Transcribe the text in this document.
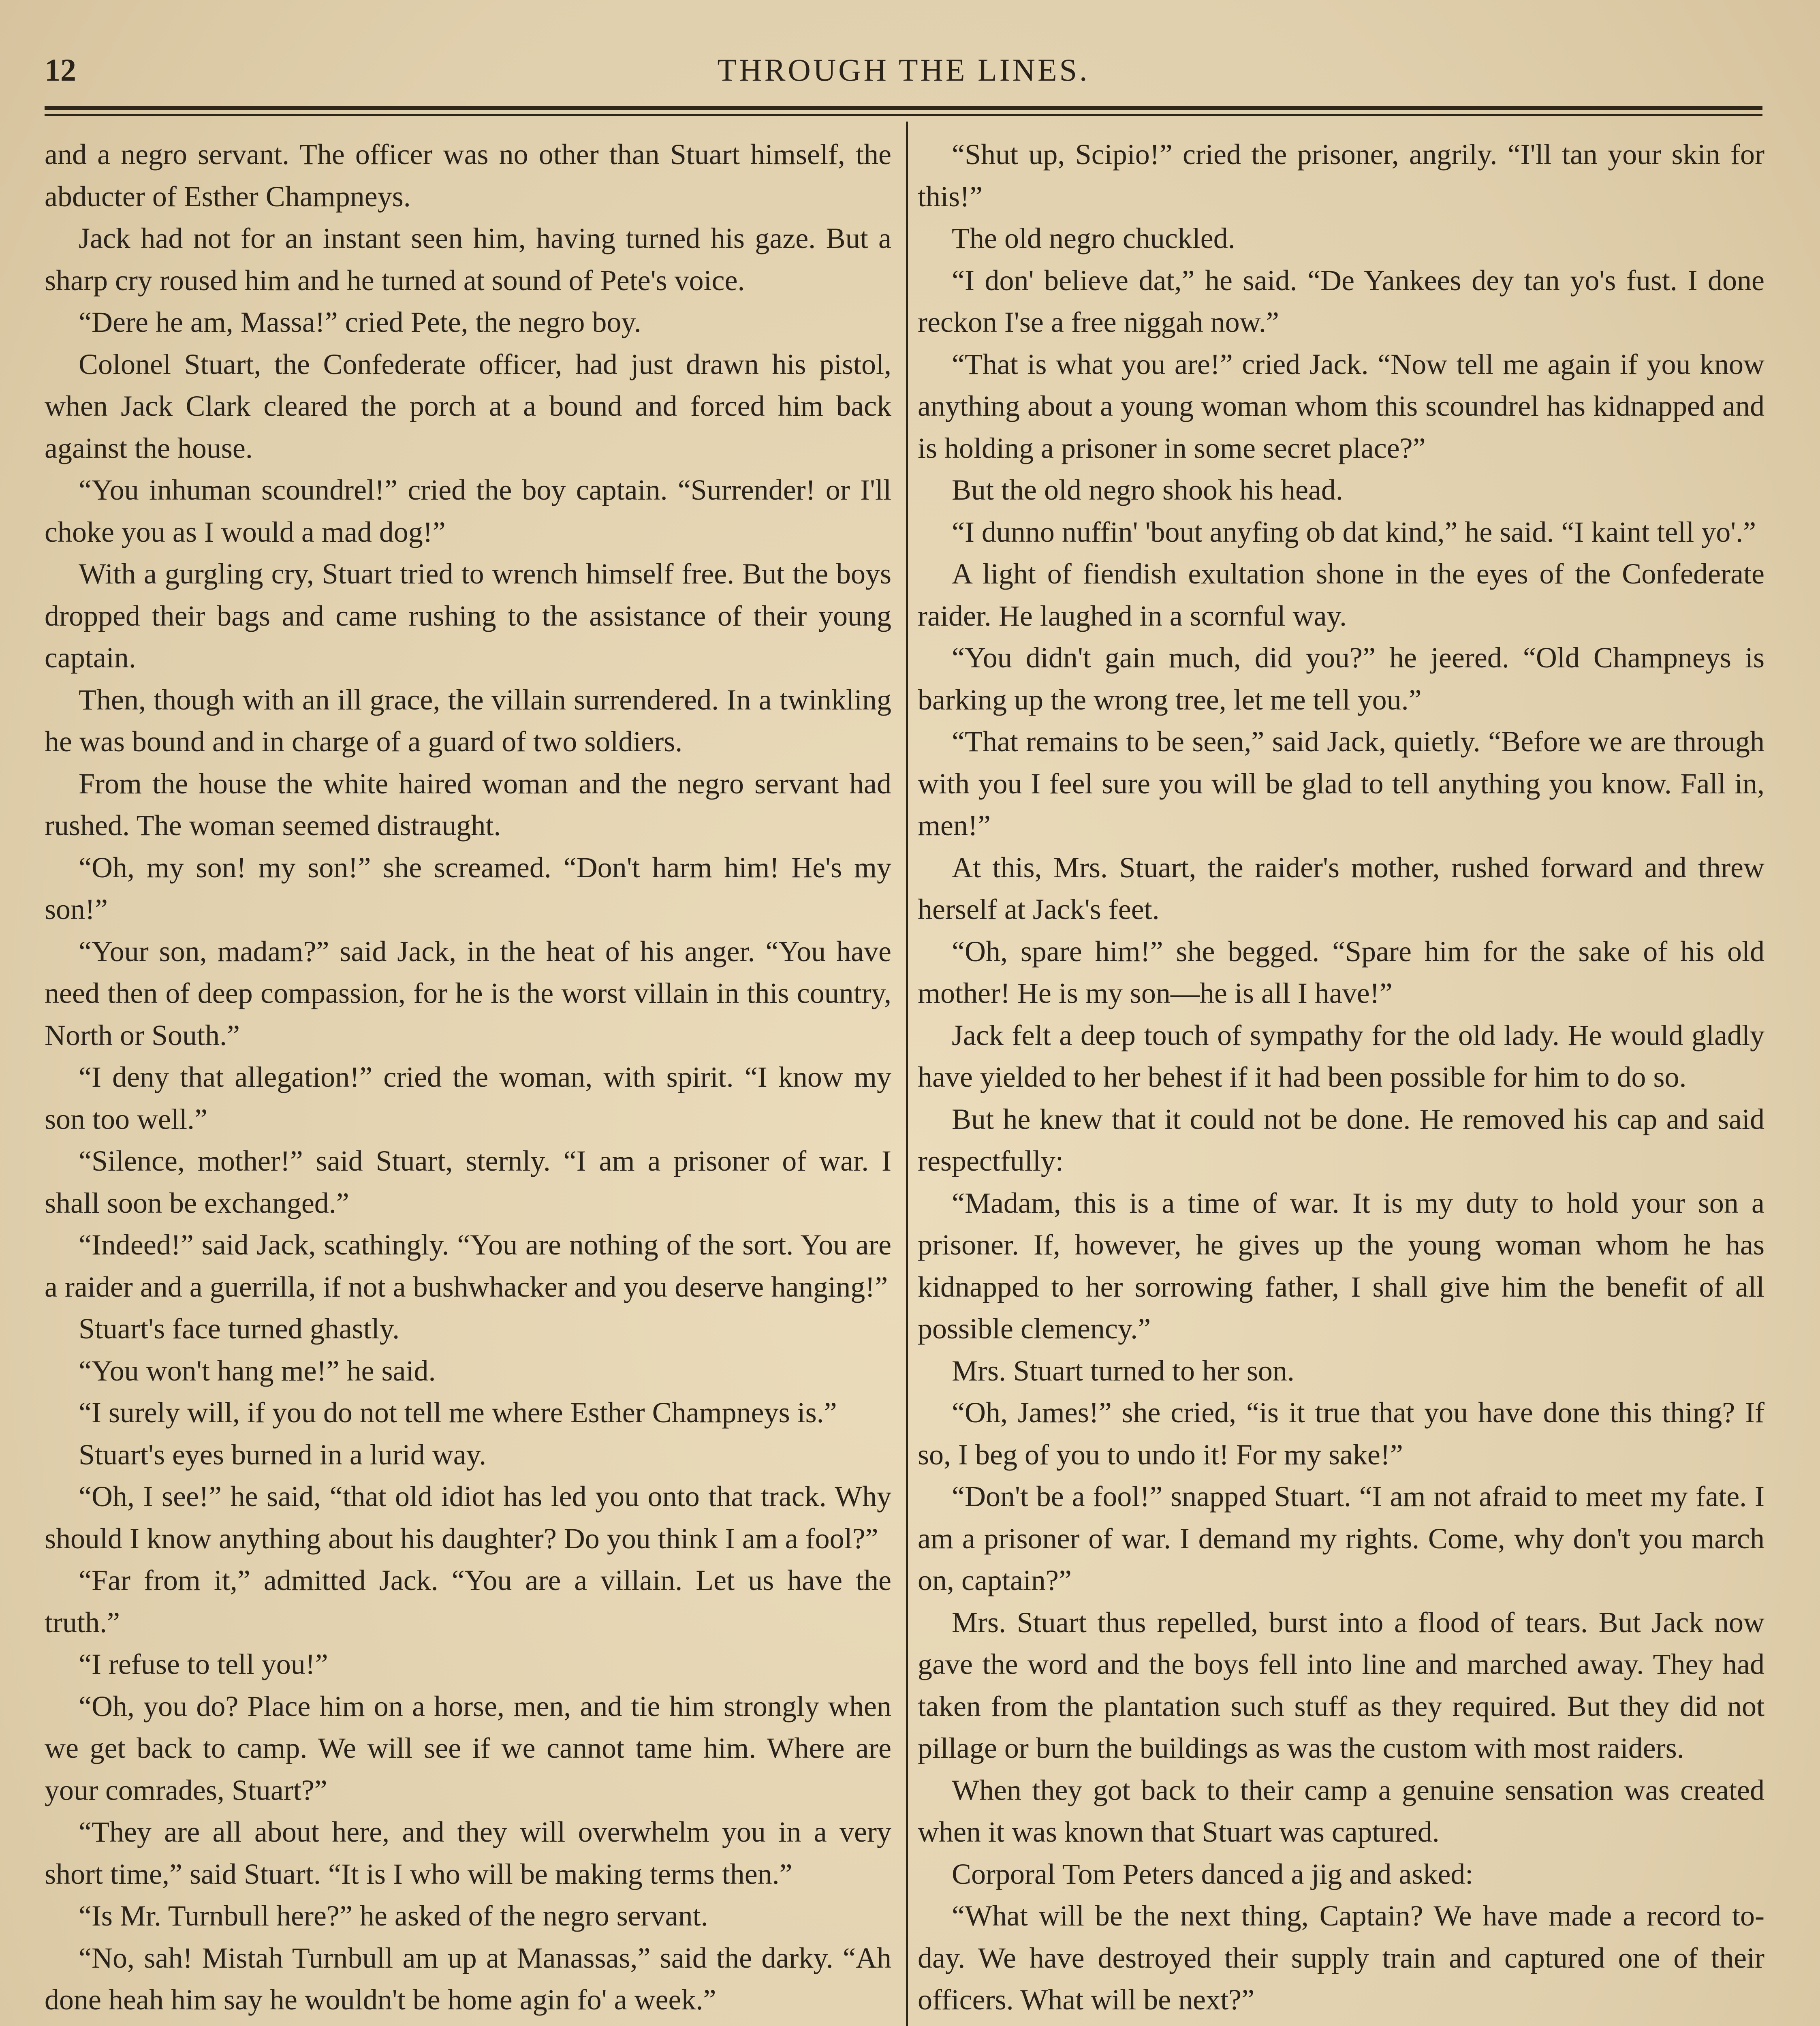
12	THROUGH THE LINES.

and a negro servant. The officer was no other than Stuart himself, the abducter of Esther Champneys.

Jack had not for an instant seen him, having turned his gaze. But a sharp cry roused him and he turned at sound of Pete's voice.

“Dere he am, Massa!” cried Pete, the negro boy.

Colonel Stuart, the Confederate officer, had just drawn his pistol, when Jack Clark cleared the porch at a bound and forced him back against the house.

“You inhuman scoundrel!” cried the boy captain. “Surrender! or I'll choke you as I would a mad dog!”

With a gurgling cry, Stuart tried to wrench himself free. But the boys dropped their bags and came rushing to the assistance of their young captain.

Then, though with an ill grace, the villain surrendered. In a twinkling he was bound and in charge of a guard of two soldiers.

From the house the white haired woman and the negro servant had rushed. The woman seemed distraught.

“Oh, my son! my son!” she screamed. “Don't harm him! He's my son!”

“Your son, madam?” said Jack, in the heat of his anger. “You have need then of deep compassion, for he is the worst villain in this country, North or South.”

“I deny that allegation!” cried the woman, with spirit. “I know my son too well.”

“Silence, mother!” said Stuart, sternly. “I am a prisoner of war. I shall soon be exchanged.”

“Indeed!” said Jack, scathingly. “You are nothing of the sort. You are a raider and a guerrilla, if not a bushwhacker and you deserve hanging!”

Stuart's face turned ghastly.

“You won't hang me!” he said.

“I surely will, if you do not tell me where Esther Champneys is.”

Stuart's eyes burned in a lurid way.

“Oh, I see!” he said, “that old idiot has led you onto that track. Why should I know anything about his daughter? Do you think I am a fool?”

“Far from it,” admitted Jack. “You are a villain. Let us have the truth.”

“I refuse to tell you!”

“Oh, you do? Place him on a horse, men, and tie him strongly when we get back to camp. We will see if we cannot tame him. Where are your comrades, Stuart?”

“They are all about here, and they will overwhelm you in a very short time,” said Stuart. “It is I who will be making terms then.”

“Is Mr. Turnbull here?” he asked of the negro servant.

“No, sah! Mistah Turnbull am up at Manassas,” said the darky. “Ah done heah him say he wouldn't be home agin fo' a week.”

“Shut up, Scipio!” cried the prisoner, angrily. “I'll tan your skin for this!”

The old negro chuckled.

“I don' believe dat,” he said. “De Yankees dey tan yo's fust. I done reckon I'se a free niggah now.”

“That is what you are!” cried Jack. “Now tell me again if you know anything about a young woman whom this scoundrel has kidnapped and is holding a prisoner in some secret place?”

But the old negro shook his head.

“I dunno nuffin' 'bout anyfing ob dat kind,” he said. “I kaint tell yo'.”

A light of fiendish exultation shone in the eyes of the Confederate raider. He laughed in a scornful way.

“You didn't gain much, did you?” he jeered. “Old Champneys is barking up the wrong tree, let me tell you.”

“That remains to be seen,” said Jack, quietly. “Before we are through with you I feel sure you will be glad to tell anything you know. Fall in, men!”

At this, Mrs. Stuart, the raider's mother, rushed forward and threw herself at Jack's feet.

“Oh, spare him!” she begged. “Spare him for the sake of his old mother! He is my son—he is all I have!”

Jack felt a deep touch of sympathy for the old lady. He would gladly have yielded to her behest if it had been possible for him to do so.

But he knew that it could not be done. He removed his cap and said respectfully:

“Madam, this is a time of war. It is my duty to hold your son a prisoner. If, however, he gives up the young woman whom he has kidnapped to her sorrowing father, I shall give him the benefit of all possible clemency.”

Mrs. Stuart turned to her son.

“Oh, James!” she cried, “is it true that you have done this thing? If so, I beg of you to undo it! For my sake!”

“Don't be a fool!” snapped Stuart. “I am not afraid to meet my fate. I am a prisoner of war. I demand my rights. Come, why don't you march on, captain?”

Mrs. Stuart thus repelled, burst into a flood of tears. But Jack now gave the word and the boys fell into line and marched away. They had taken from the plantation such stuff as they required. But they did not pillage or burn the buildings as was the custom with most raiders.

When they got back to their camp a genuine sensation was created when it was known that Stuart was captured.

Corporal Tom Peters danced a jig and asked:

“What will be the next thing, Captain? We have made a record to-day. We have destroyed their supply train and captured one of their officers. What will be next?”
